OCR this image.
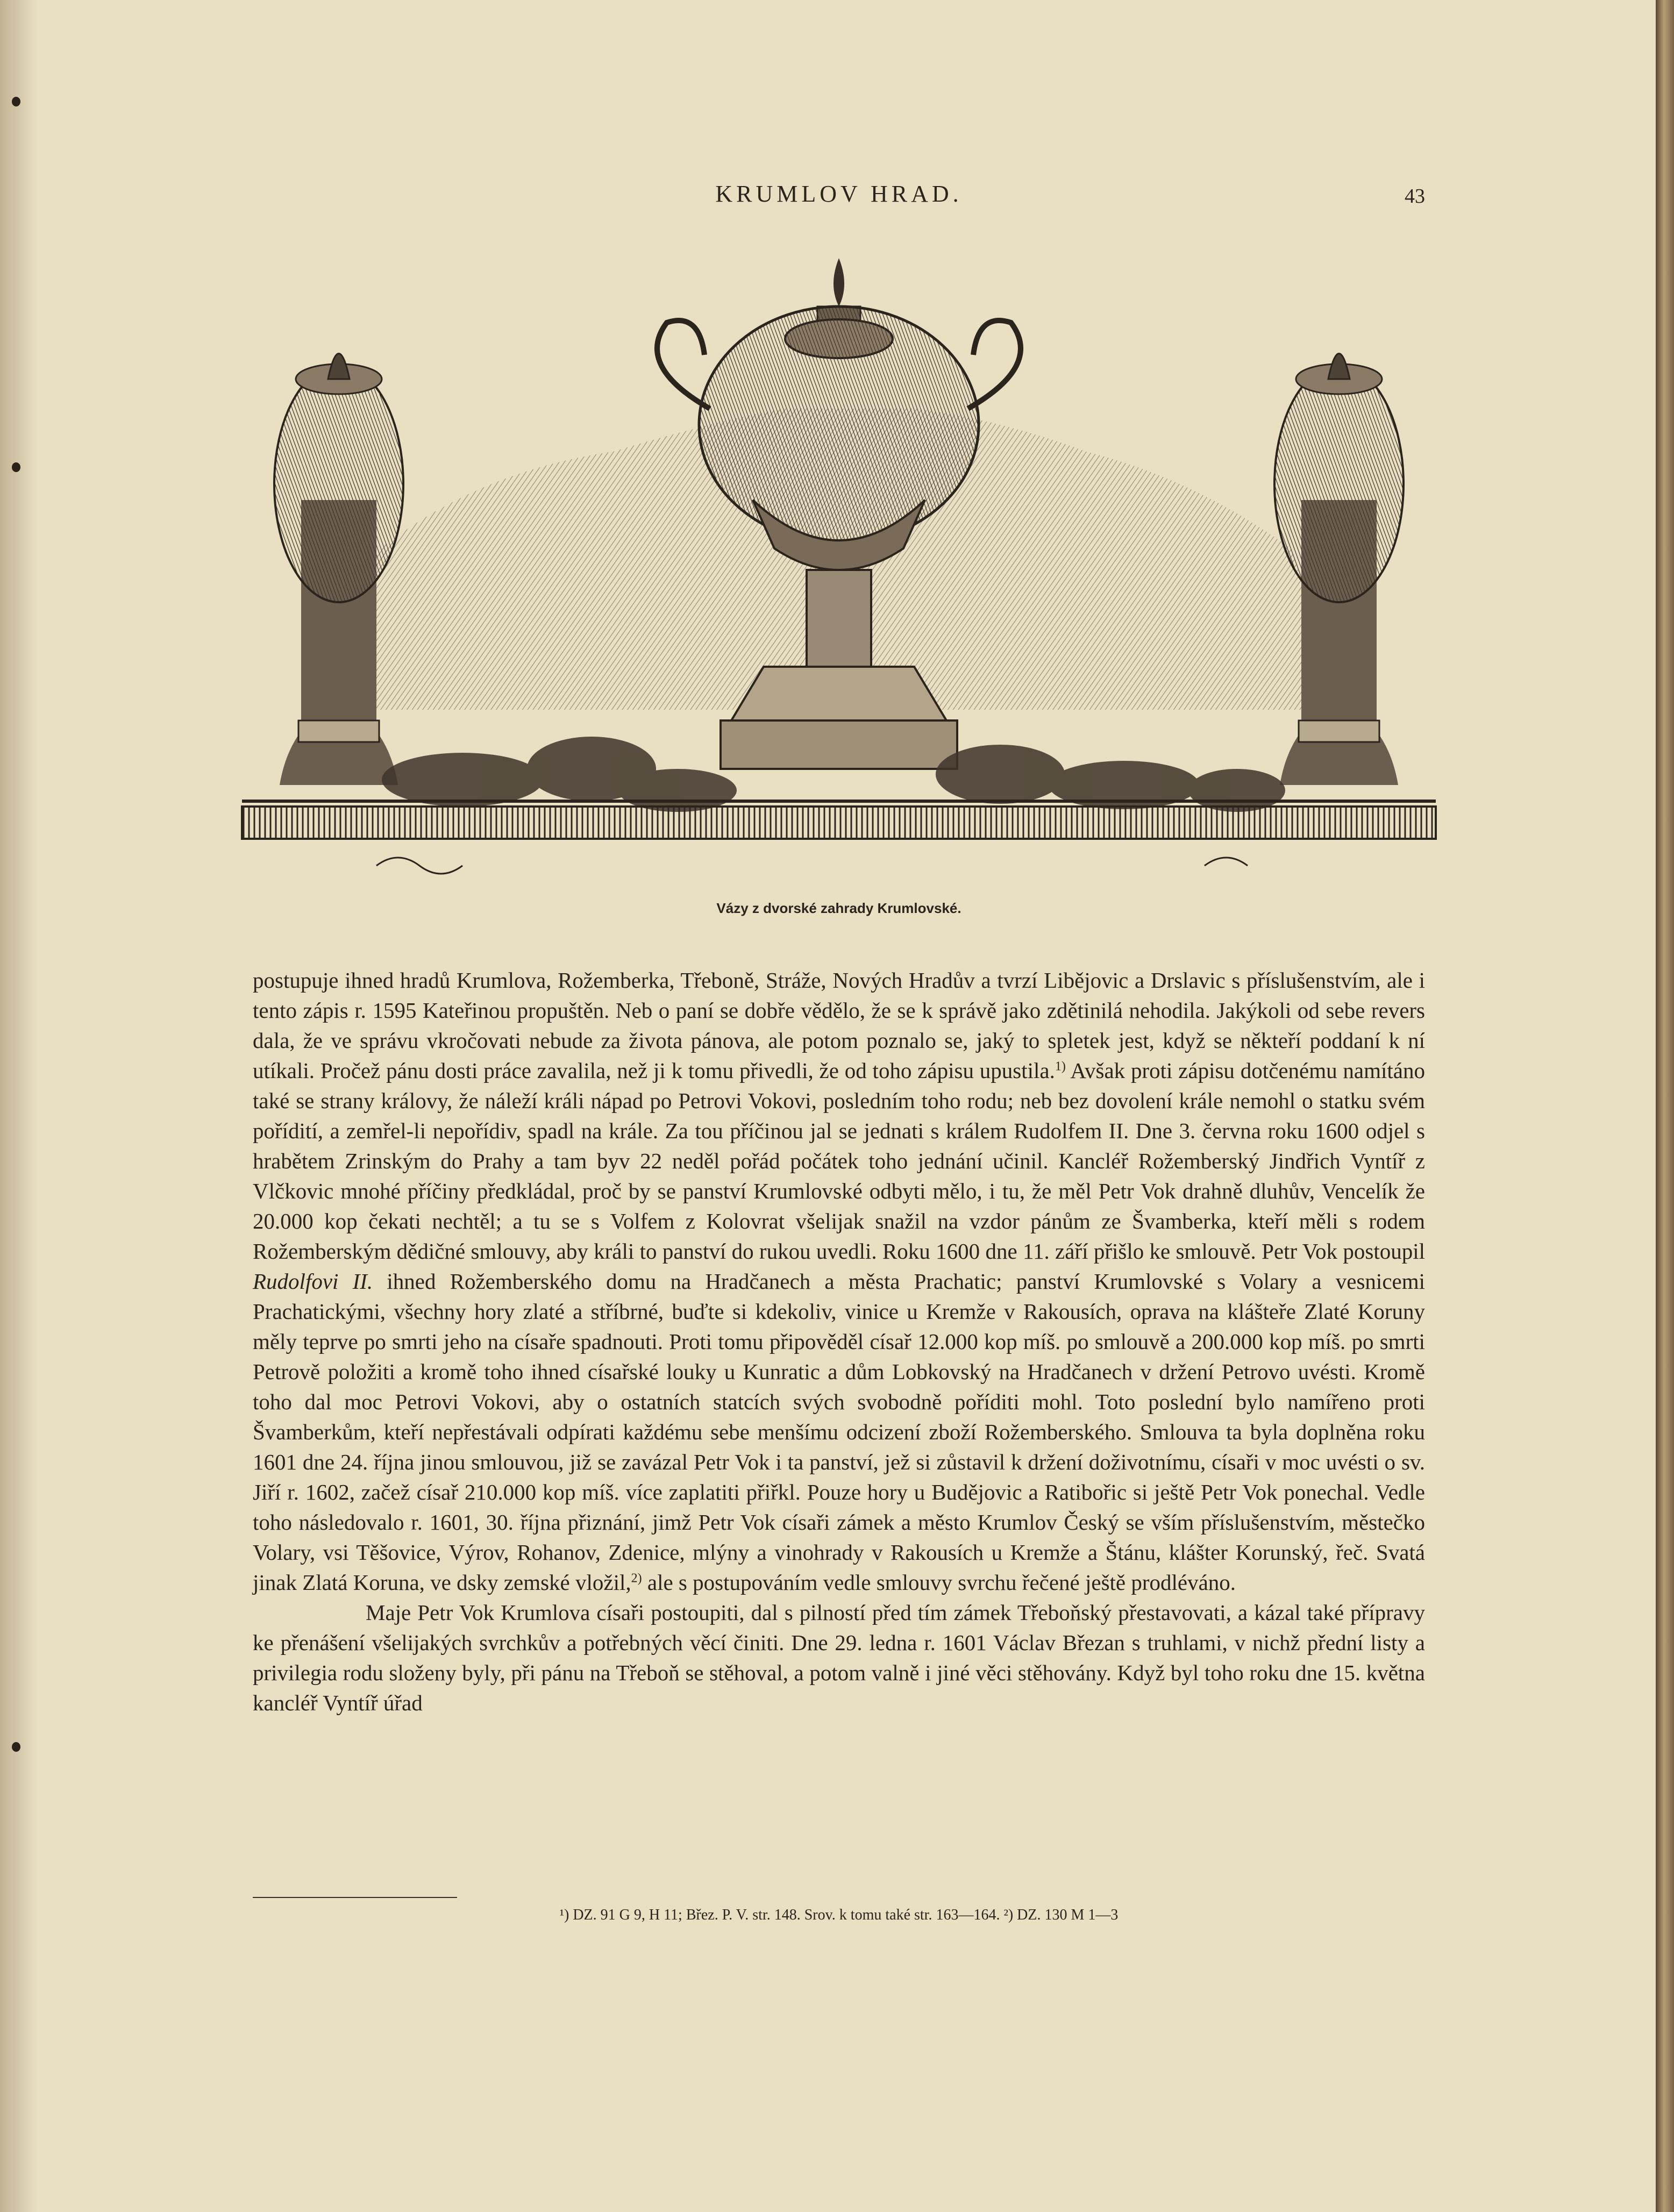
KRUMLOV HRAD.	43
Vázy z dvorské zahrady Krumlovské.

postupuje ihned hradů Krumlova, Rožemberka, Třeboně, Stráže, Nových Hradův a tvrzí Libějovic a Drslavic s příslušenstvím, ale i tento zápis r. 1595 Kateřinou propuštěn. Neb o paní se dobře vědělo, že se k správě jako zdětinilá nehodila. Jakýkoli od sebe revers dala, že ve správu vkročovati nebude za života pánova, ale potom poznalo se, jaký to spletek jest, když se někteří poddaní k ní utíkali. Pročež pánu dosti práce zavalila, než ji k tomu přivedli, že od toho zápisu upustila.$^{1)}$ Avšak proti zápisu dotčenému namítáno také se strany královy, že náleží králi nápad po Petrovi Vokovi, posledním toho rodu; neb bez dovolení krále nemohl o statku svém pořídití, a zemřel-li nepořídiv, spadl na krále. Za tou příčinou jal se jednati s králem Rudolfem II. Dne 3. června roku 1600 odjel s hrabětem Zrinským do Prahy a tam byv 22 neděl pořád počátek toho jednání učinil. Kancléř Rožemberský Jindřich Vyntíř z Vlčkovic mnohé příčiny předkládal, proč by se panství Krumlovské odbyti mělo, i tu, že měl Petr Vok drahně dluhův, Vencelík že 20.000 kop čekati nechtěl; a tu se s Volfem z Kolovrat všelijak snažil na vzdor pánům ze Švamberka, kteří měli s rodem Rožemberským dědičné smlouvy, aby králi to panství do rukou uvedli. Roku 1600 dne 11. září přišlo ke smlouvě. Petr Vok postoupil Rudolfovi II. ihned Rožemberského domu na Hradčanech a města Prachatic; panství Krumlovské s Volary a vesnicemi Prachatickými, všechny hory zlaté a stříbrné, buďte si kdekoliv, vinice u Kremže v Rakousích, oprava na klášteře Zlaté Koruny měly teprve po smrti jeho na císaře spadnouti. Proti tomu připověděl císař 12.000 kop míš. po smlouvě a 200.000 kop míš. po smrti Petrově položiti a kromě toho ihned císařské louky u Kunratic a dům Lobkovský na Hradčanech v držení Petrovo uvésti. Kromě toho dal moc Petrovi Vokovi, aby o ostatních statcích svých svobodně poříditi mohl. Toto poslední bylo namířeno proti Švamberkům, kteří nepřestávali odpírati každému sebe menšímu odcizení zboží Rožemberského. Smlouva ta byla doplněna roku 1601 dne 24. října jinou smlouvou, již se zavázal Petr Vok i ta panství, jež si zůstavil k držení doživotnímu, císaři v moc uvésti o sv. Jiří r. 1602, začež císař 210.000 kop míš. více zaplatiti přiřkl. Pouze hory u Budějovic a Ratibořic si ještě Petr Vok ponechal. Vedle toho následovalo r. 1601, 30. října přiznání, jimž Petr Vok císaři zámek a město Krumlov Český se vším příslušenstvím, městečko Volary, vsi Těšovice, Výrov, Rohanov, Zdenice, mlýny a vinohrady v Rakousích u Kremže a Štánu, klášter Korunský, řeč. Svatá jinak Zlatá Koruna, ve dsky zemské vložil,$^{2)}$ ale s postupováním vedle smlouvy svrchu řečené ještě prodléváno.

Maje Petr Vok Krumlova císaři postoupiti, dal s pilností před tím zámek Třeboňský přestavovati, a kázal také přípravy ke přenášení všelijakých svrchkův a potřebných věcí činiti. Dne 29. ledna r. 1601 Václav Březan s truhlami, v nichž přední listy a privilegia rodu složeny byly, při pánu na Třeboň se stěhoval, a potom valně i jiné věci stěhovány. Když byl toho roku dne 15. května kancléř Vyntíř úřad

¹) DZ. 91 G 9, H 11; Břez. P. V. str. 148. Srov. k tomu také str. 163—164. ²) DZ. 130 M 1—3
